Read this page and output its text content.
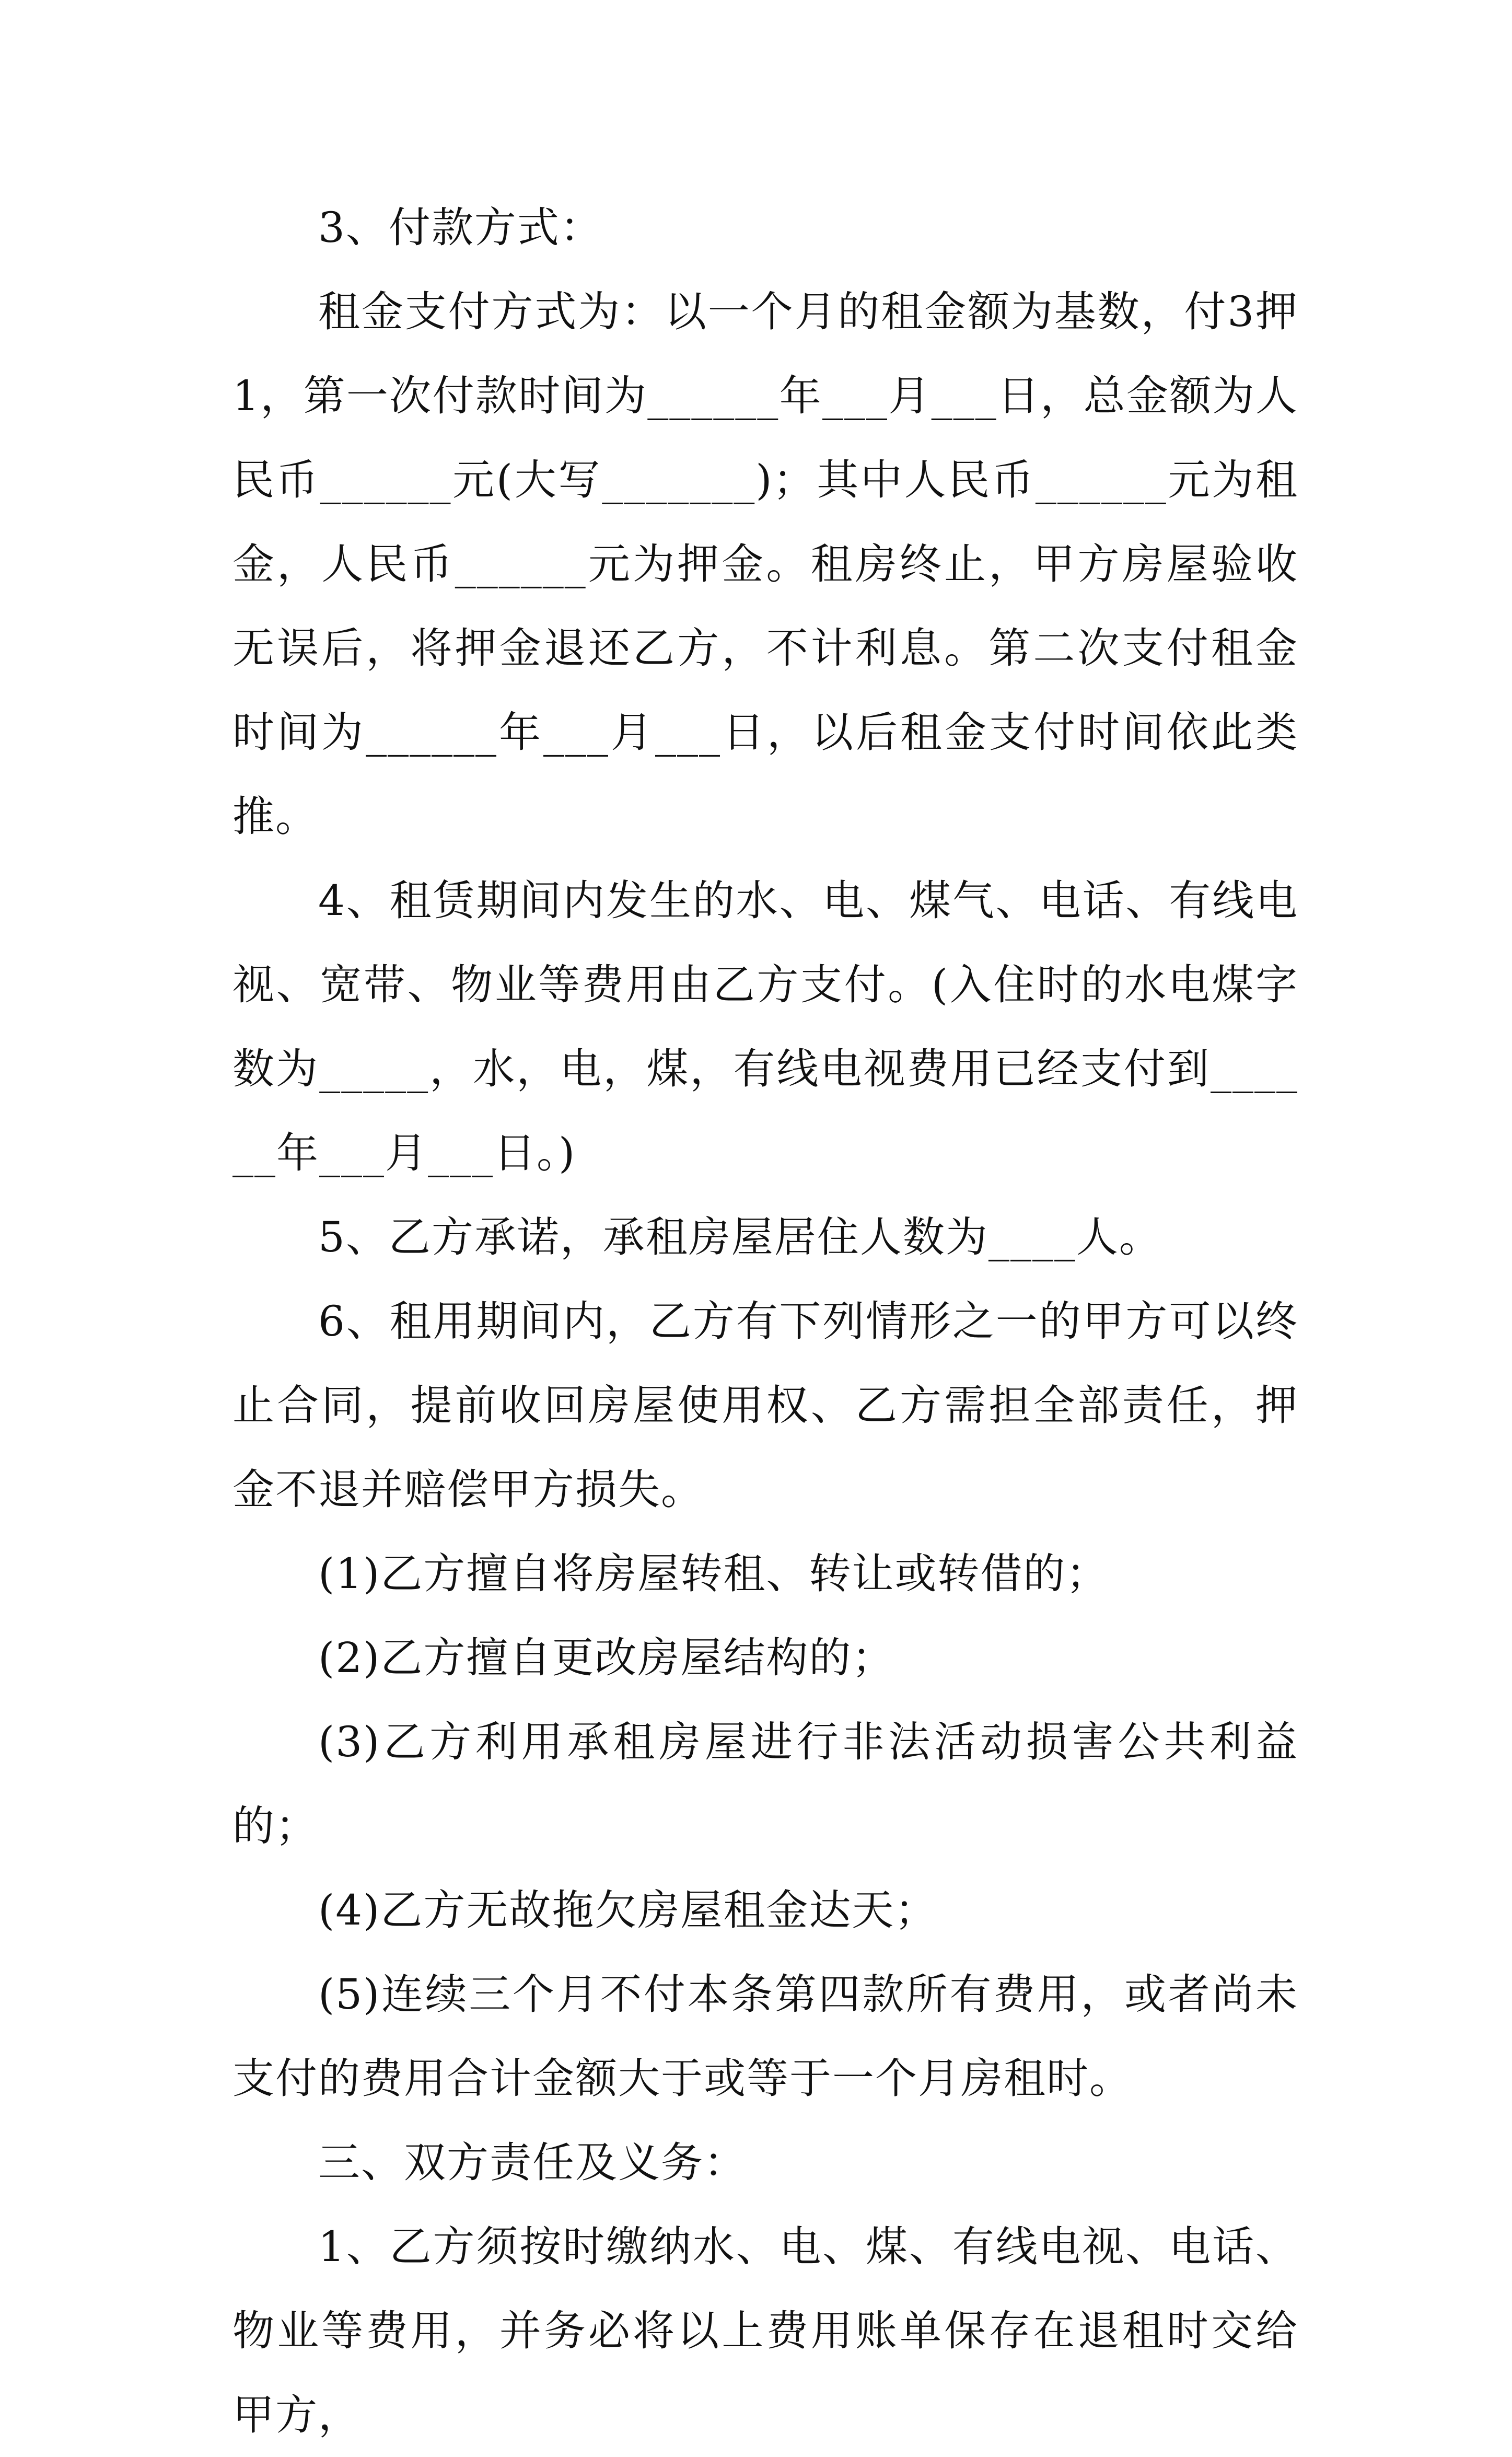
3、付款方式：

租金支付方式为：以一个月的租金额为基数，付3押1，第一次付款时间为______年___月___日，总金额为人民币______元(大写_______)；其中人民币______元为租金，人民币______元为押金。租房终止，甲方房屋验收无误后，将押金退还乙方，不计利息。第二次支付租金时间为______年___月___日，以后租金支付时间依此类推。

4、租赁期间内发生的水、电、煤气、电话、有线电视、宽带、物业等费用由乙方支付。(入住时的水电煤字数为_____，水，电，煤，有线电视费用已经支付到______年___月___日。)

5、乙方承诺，承租房屋居住人数为____人。

6、租用期间内，乙方有下列情形之一的甲方可以终止合同，提前收回房屋使用权、乙方需担全部责任，押金不退并赔偿甲方损失。

(1)乙方擅自将房屋转租、转让或转借的；

(2)乙方擅自更改房屋结构的；

(3)乙方利用承租房屋进行非法活动损害公共利益的；

(4)乙方无故拖欠房屋租金达天；

(5)连续三个月不付本条第四款所有费用，或者尚未支付的费用合计金额大于或等于一个月房租时。

三、双方责任及义务：

1、乙方须按时缴纳水、电、煤、有线电视、电话、物业等费用，并务必将以上费用账单保存在退租时交给甲方，
